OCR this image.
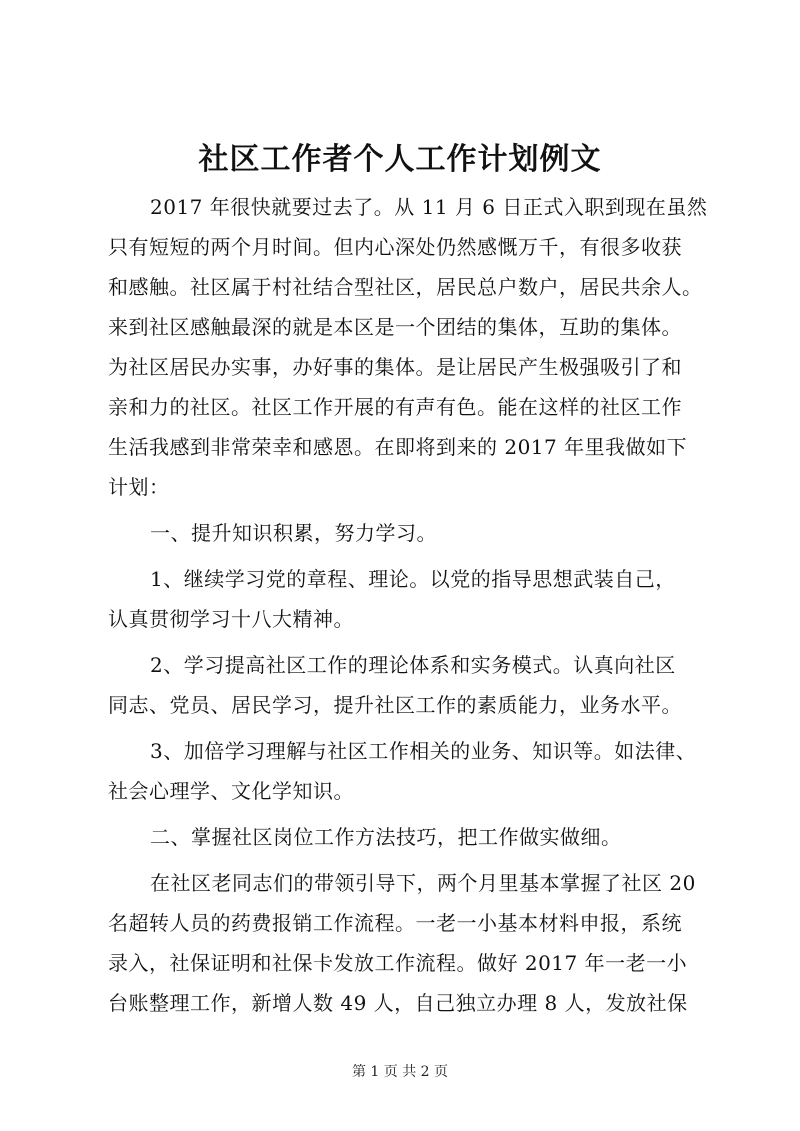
社区工作者个人工作计划例文
2017 年很快就要过去了。从 11 月 6 日正式入职到现在虽然
只有短短的两个月时间。但内心深处仍然感慨万千，有很多收获
和感触。社区属于村社结合型社区，居民总户数户，居民共余人。
来到社区感触最深的就是本区是一个团结的集体，互助的集体。
为社区居民办实事，办好事的集体。是让居民产生极强吸引了和
亲和力的社区。社区工作开展的有声有色。能在这样的社区工作
生活我感到非常荣幸和感恩。在即将到来的 2017 年里我做如下
计划：
一、提升知识积累，努力学习。
1、继续学习党的章程、理论。以党的指导思想武装自己，
认真贯彻学习十八大精神。
2、学习提高社区工作的理论体系和实务模式。认真向社区
同志、党员、居民学习，提升社区工作的素质能力，业务水平。
3、加倍学习理解与社区工作相关的业务、知识等。如法律、
社会心理学、文化学知识。
二、掌握社区岗位工作方法技巧，把工作做实做细。
在社区老同志们的带领引导下，两个月里基本掌握了社区 20
名超转人员的药费报销工作流程。一老一小基本材料申报，系统
录入，社保证明和社保卡发放工作流程。做好 2017 年一老一小
台账整理工作，新增人数 49 人，自己独立办理 8 人，发放社保
第 1 页 共 2 页
